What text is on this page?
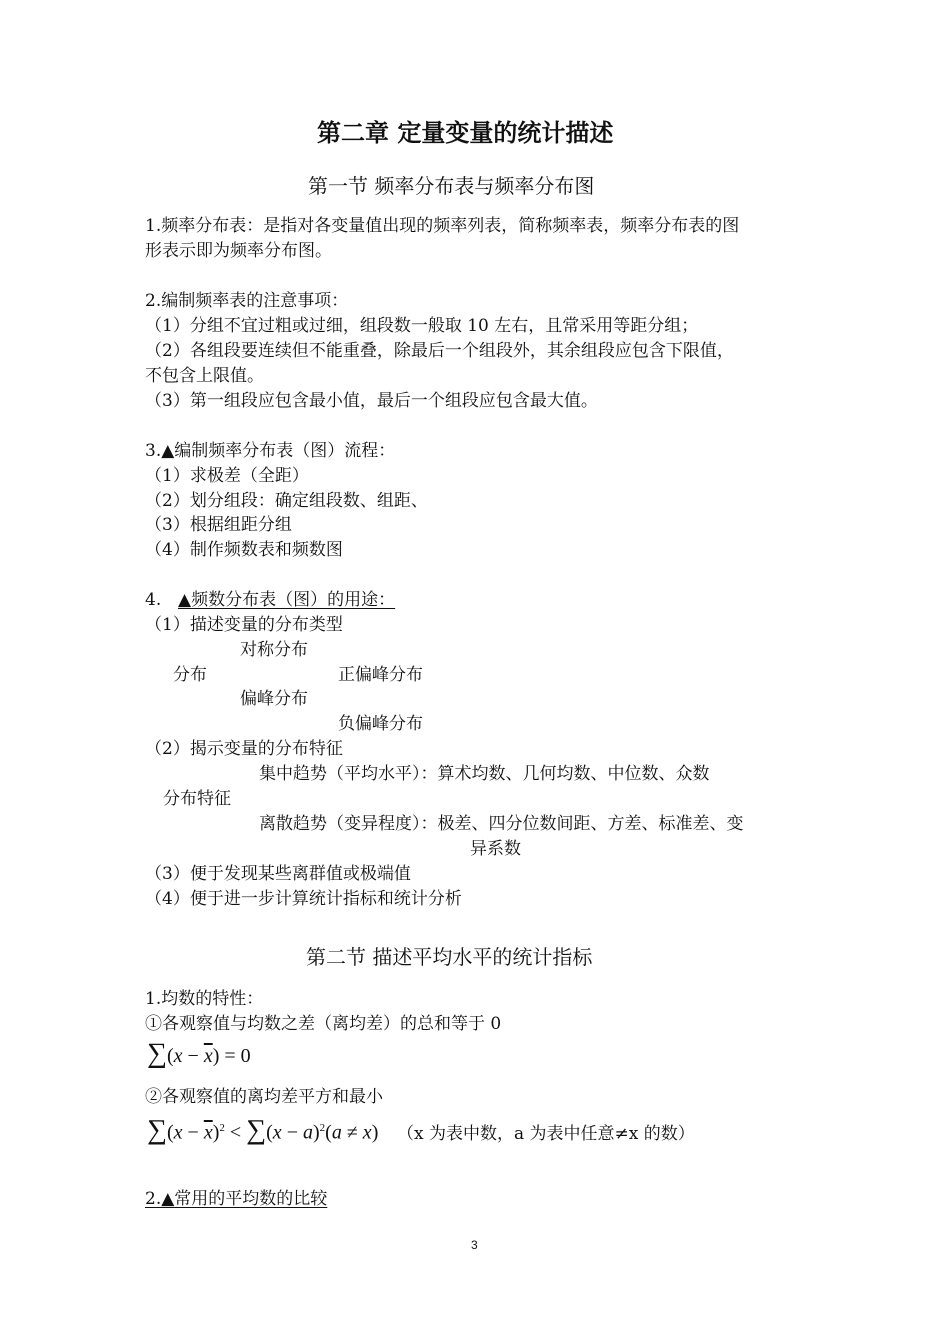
第二章 定量变量的统计描述
第一节 频率分布表与频率分布图
1.频率分布表：是指对各变量值出现的频率列表，简称频率表，频率分布表的图
形表示即为频率分布图。
2.编制频率表的注意事项：
（1）分组不宜过粗或过细，组段数一般取 10 左右，且常采用等距分组；
（2）各组段要连续但不能重叠，除最后一个组段外，其余组段应包含下限值，
不包含上限值。
（3）第一组段应包含最小值，最后一个组段应包含最大值。
3.▲编制频率分布表（图）流程：
（1）求极差（全距）
（2）划分组段：确定组段数、组距、
（3）根据组距分组
（4）制作频数表和频数图
4. ▲频数分布表（图）的用途：
（1）描述变量的分布类型
对称分布
分布	正偏峰分布
偏峰分布
负偏峰分布
（2）揭示变量的分布特征
集中趋势（平均水平）：算术均数、几何均数、中位数、众数
分布特征
离散趋势（变异程度）：极差、四分位数间距、方差、标准差、变
异系数
（3）便于发现某些离群值或极端值
（4）便于进一步计算统计指标和统计分析
第二节 描述平均水平的统计指标
1.均数的特性：
①各观察值与均数之差（离均差）的总和等于 0
$\sum(x - \overline{x}) = 0$
②各观察值的离均差平方和最小
$\sum(x - \overline{x})^2 < \sum(x - a)^2(a \ne x)$ （x 为表中数，a 为表中任意≠x 的数）
2.▲常用的平均数的比较
3
